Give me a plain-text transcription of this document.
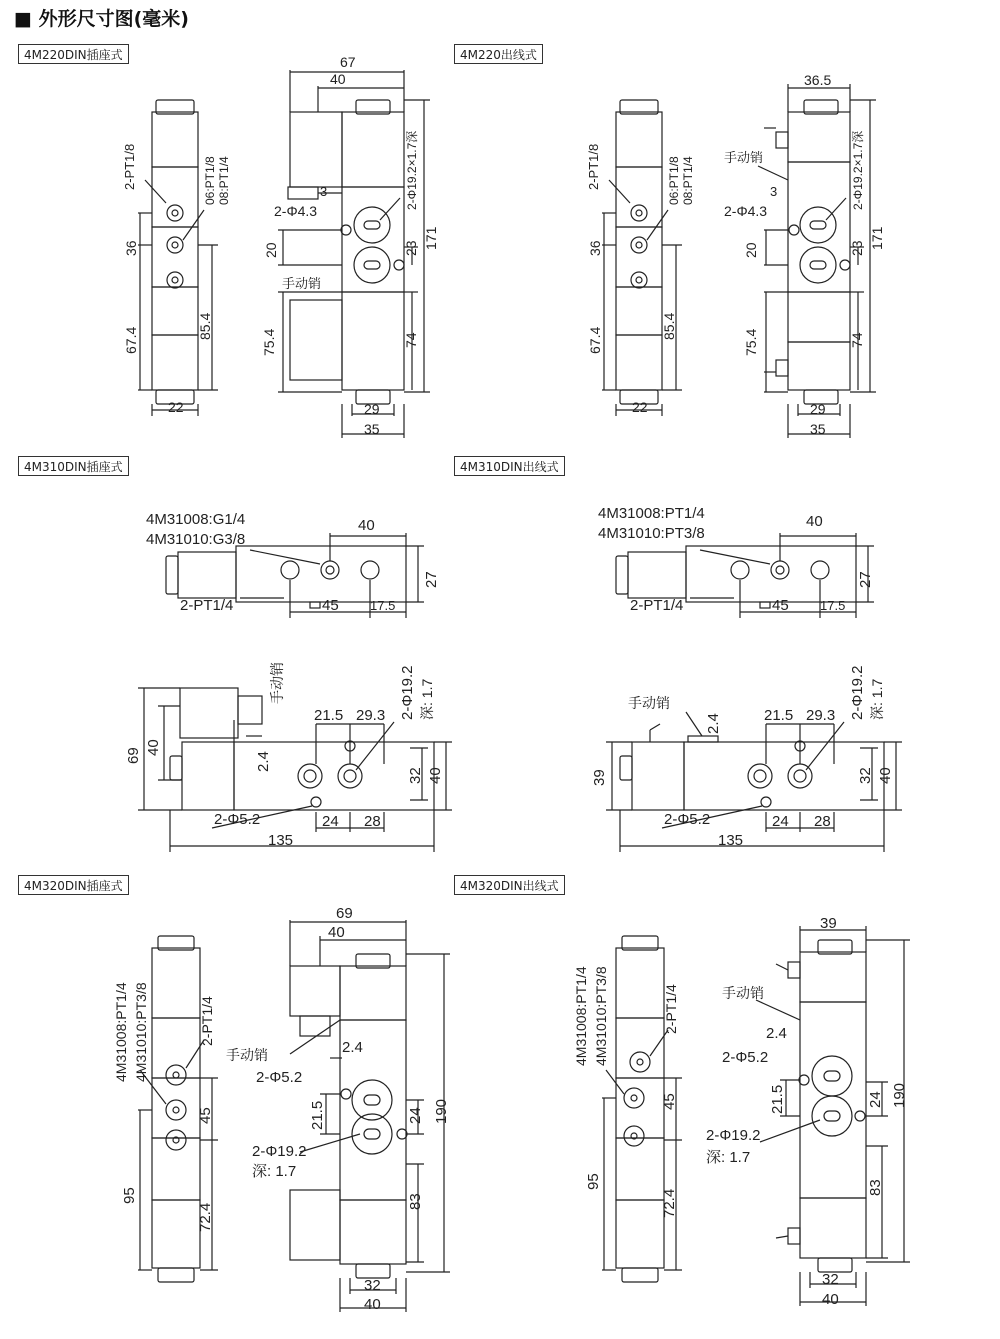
■ 外形尺寸图(毫米)
4M220DIN插座式	4M220出线式
4M310DIN插座式	4M310DIN出线式
4M320DIN插座式	4M320DIN出线式
2-PT1/8	06:PT1/8 08:PT1/4
36
67.4
85.4
22
67
40
3
2-Φ4.3
2-Φ19.2×1.7深
20	23 171
手动销
75.4	74
29
35
2-PT1/8	06:PT1/8 08:PT1/4
36
67.4
85.4
22
36.5
手动销
3
2-Φ4.3
2-Φ19.2×1.7深
20	23 171
75.4	74
29
35
4M31008:G1/4
4M31010:G3/8
40
27
2-PT1/4	45 17.5
手动销	2-Φ19.2 深: 1.7
21.5 29.3
69 40
2.4
32 40
2-Φ5.2	24 28
135
4M31008:PT1/4
4M31010:PT3/8
40
27
2-PT1/4	45 17.5
手动销
2.4
2-Φ19.2 深: 1.7
21.5 29.3
39	32 40
2-Φ5.2	24 28
135
4M31008:PT1/4 4M31010:PT3/8	2-PT1/4
45
95
72.4
69
40
手动销	2.4
2-Φ5.2
21.5	24 190
2-Φ19.2
深: 1.7
83
32
40
4M31008:PT1/4 4M31010:PT3/8	2-PT1/4
45
95
72.4
39
手动销
2.4
2-Φ5.2
21.5	24 190
2-Φ19.2
深: 1.7
83
32
40
